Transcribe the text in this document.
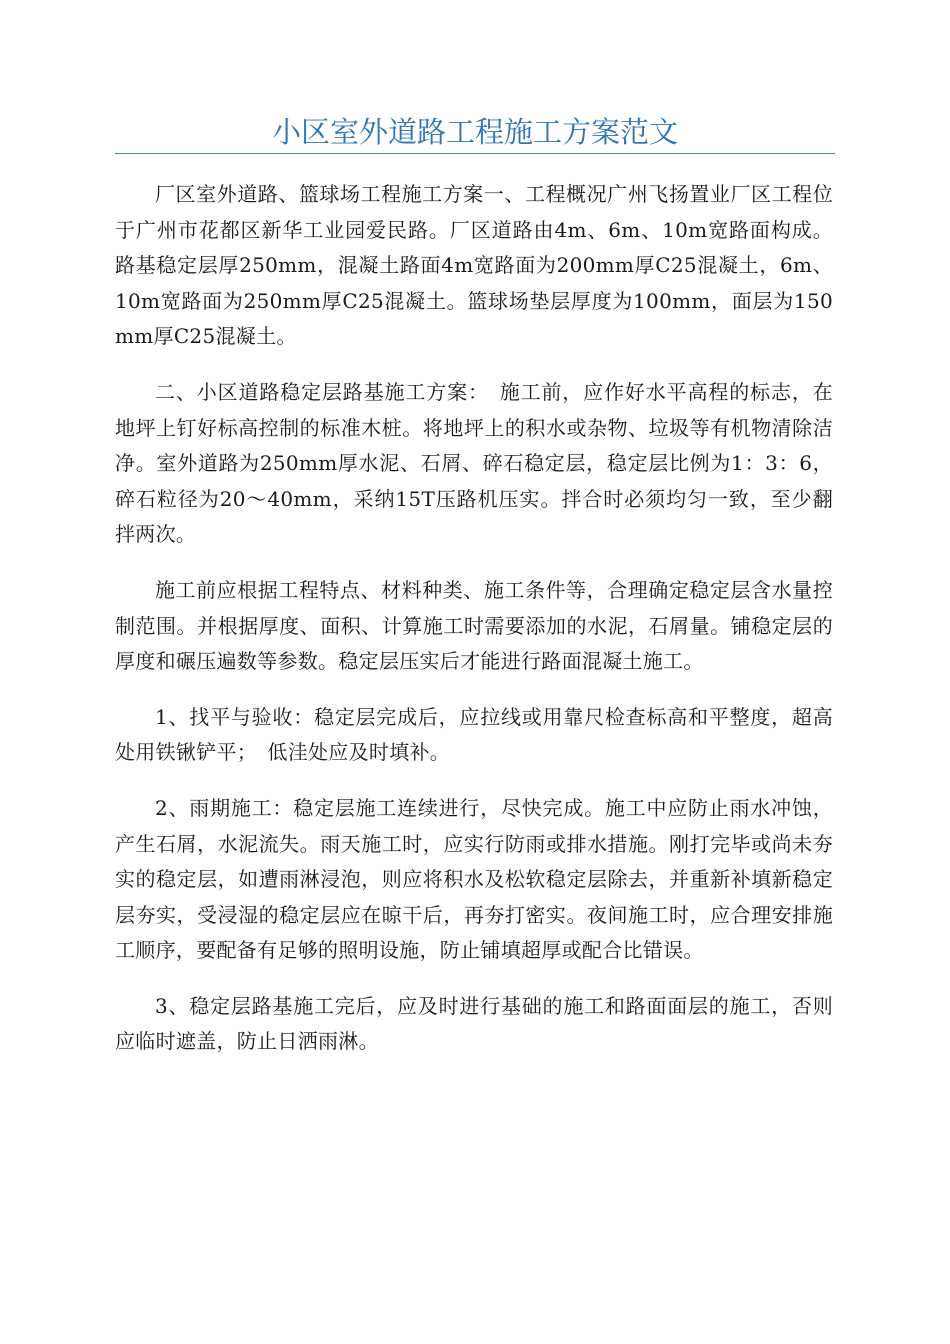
小区室外道路工程施工方案范文

厂区室外道路、篮球场工程施工方案一、工程概况广州飞扬置业厂区工程位于广州市花都区新华工业园爱民路。厂区道路由4m、6m、10m宽路面构成。路基稳定层厚250mm，混凝土路面4m宽路面为200mm厚C25混凝土，6m、10m宽路面为250mm厚C25混凝土。篮球场垫层厚度为100mm，面层为150mm厚C25混凝土。

二、小区道路稳定层路基施工方案：　施工前，应作好水平高程的标志，在地坪上钉好标高控制的标准木桩。将地坪上的积水或杂物、垃圾等有机物清除洁净。室外道路为250mm厚水泥、石屑、碎石稳定层，稳定层比例为1：3：6，碎石粒径为20～40mm，采纳15T压路机压实。拌合时必须均匀一致，至少翻拌两次。

施工前应根据工程特点、材料种类、施工条件等，合理确定稳定层含水量控制范围。并根据厚度、面积、计算施工时需要添加的水泥，石屑量。铺稳定层的厚度和碾压遍数等参数。稳定层压实后才能进行路面混凝土施工。

1、找平与验收：稳定层完成后，应拉线或用靠尺检查标高和平整度，超高处用铁锹铲平；　低洼处应及时填补。

2、雨期施工：稳定层施工连续进行，尽快完成。施工中应防止雨水冲蚀，产生石屑，水泥流失。雨天施工时，应实行防雨或排水措施。刚打完毕或尚未夯实的稳定层，如遭雨淋浸泡，则应将积水及松软稳定层除去，并重新补填新稳定层夯实，受浸湿的稳定层应在晾干后，再夯打密实。夜间施工时，应合理安排施工顺序，要配备有足够的照明设施，防止铺填超厚或配合比错误。

3、稳定层路基施工完后，应及时进行基础的施工和路面面层的施工，否则应临时遮盖，防止日洒雨淋。
